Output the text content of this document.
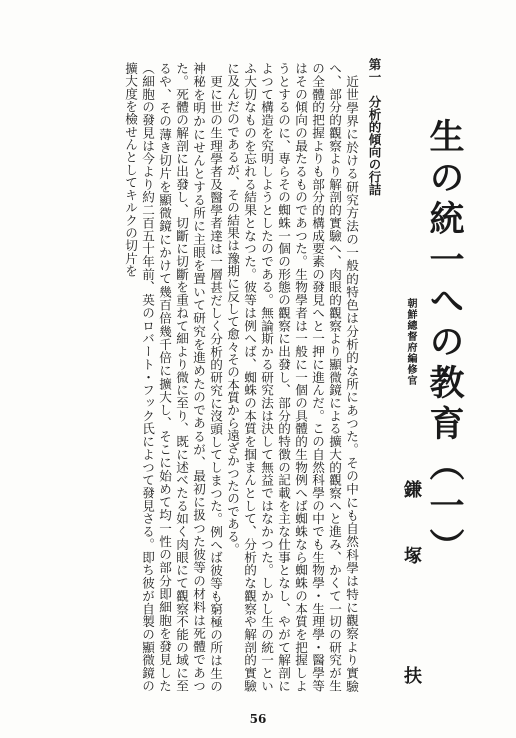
生の統一への教育（一）
朝鮮總督府編修官
鎌塚 扶
第一　分析的傾向の行詰

近世學界に於ける研究方法の一般的特色は分析的な所にあつた。その中にも自然科學は特に觀察より實驗へ、部分的觀察より解剖的實驗へ、肉眼的觀察より顯微鏡による擴大的觀察へと進み、かくて一切の研究が生の全體的把握よりも部分的構成要素の發見へと一押に進んだ。この自然科學の中でも生物學・生理學・醫學等はその傾向の最たるものであつた。生物學者は一般に一個の具體的生物例へば蜘蛛なら蜘蛛の本質を把握しようとするのに、専らその蜘蛛一個の形態の觀察に出發し、部分的特徴の記載を主な仕事となし、やがて解剖によつて構造を究明しようとしたのである。無論斯かる研究法は決して無益ではなかつた。しかし生の統一といふ大切なものを忘れる結果となつた。彼等は例へば、蜘蛛の本質を掴まんとして、分析的な觀察や解剖的實驗に及んだのであるが、その結果は豫期に反して愈々その本質から遠ざかつたのである。

更に世の生理學者及醫學者達は一層甚だしく分析的研究に沒頭してしまつた。例へば彼等も窮極の所は生の神秘を明かにせんとする所に主眼を置いて研究を進めたのであるが、最初に扱つた彼等の材料は死體であつた。死體の解剖に出發し、切斷に切斷を重ねて細より微に至り、既に述べたる如く肉眼にて觀察不能の域に至るや、その薄き切片を顯微鏡にかけて幾百倍幾千倍に擴大し、そこに始めて均一性の部分即細胞を發見した（細胞の發見は今より約二百五十年前、英のロバート・フック氏によつて發見さる。即ち彼が自製の顯微鏡の擴大度を檢せんとしてキルクの切片を

56
